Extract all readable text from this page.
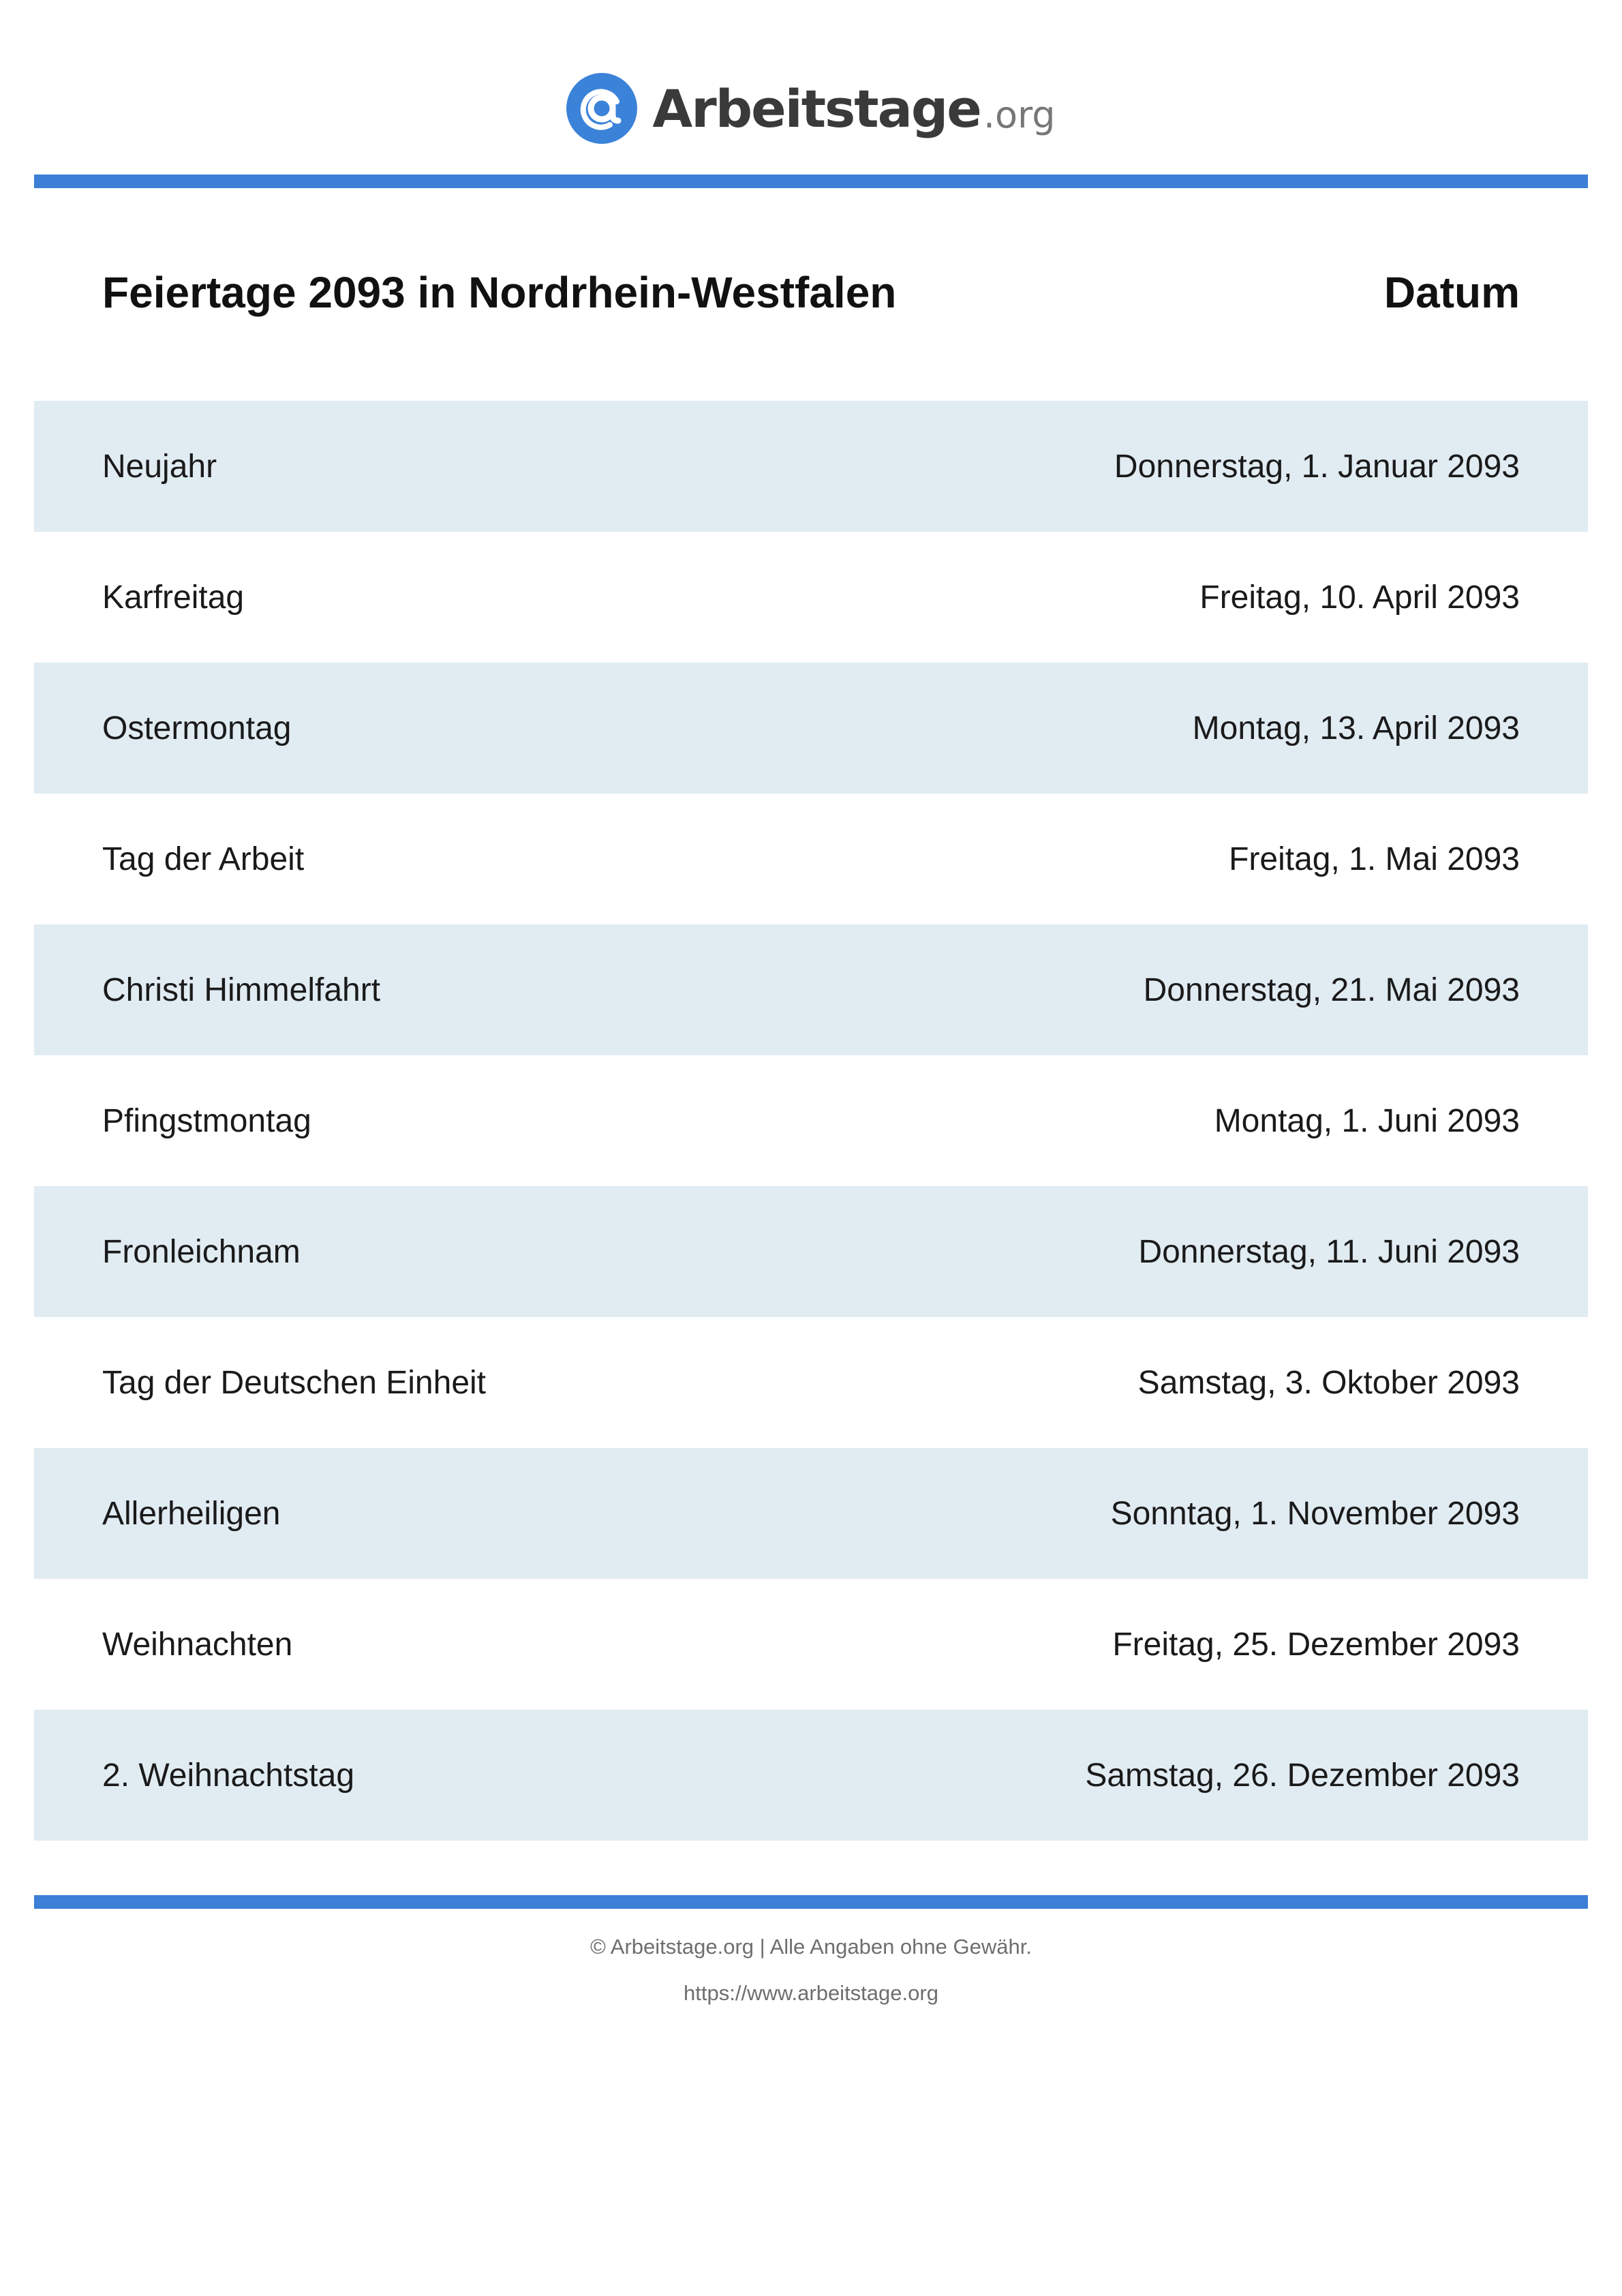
Arbeitstage .org
Feiertage 2093 in Nordrhein-Westfalen	Datum
Neujahr	Donnerstag, 1. Januar 2093
Karfreitag	Freitag, 10. April 2093
Ostermontag	Montag, 13. April 2093
Tag der Arbeit	Freitag, 1. Mai 2093
Christi Himmelfahrt	Donnerstag, 21. Mai 2093
Pfingstmontag	Montag, 1. Juni 2093
Fronleichnam	Donnerstag, 11. Juni 2093
Tag der Deutschen Einheit	Samstag, 3. Oktober 2093
Allerheiligen	Sonntag, 1. November 2093
Weihnachten	Freitag, 25. Dezember 2093
2. Weihnachtstag	Samstag, 26. Dezember 2093
© Arbeitstage.org | Alle Angaben ohne Gewähr.
https://www.arbeitstage.org
